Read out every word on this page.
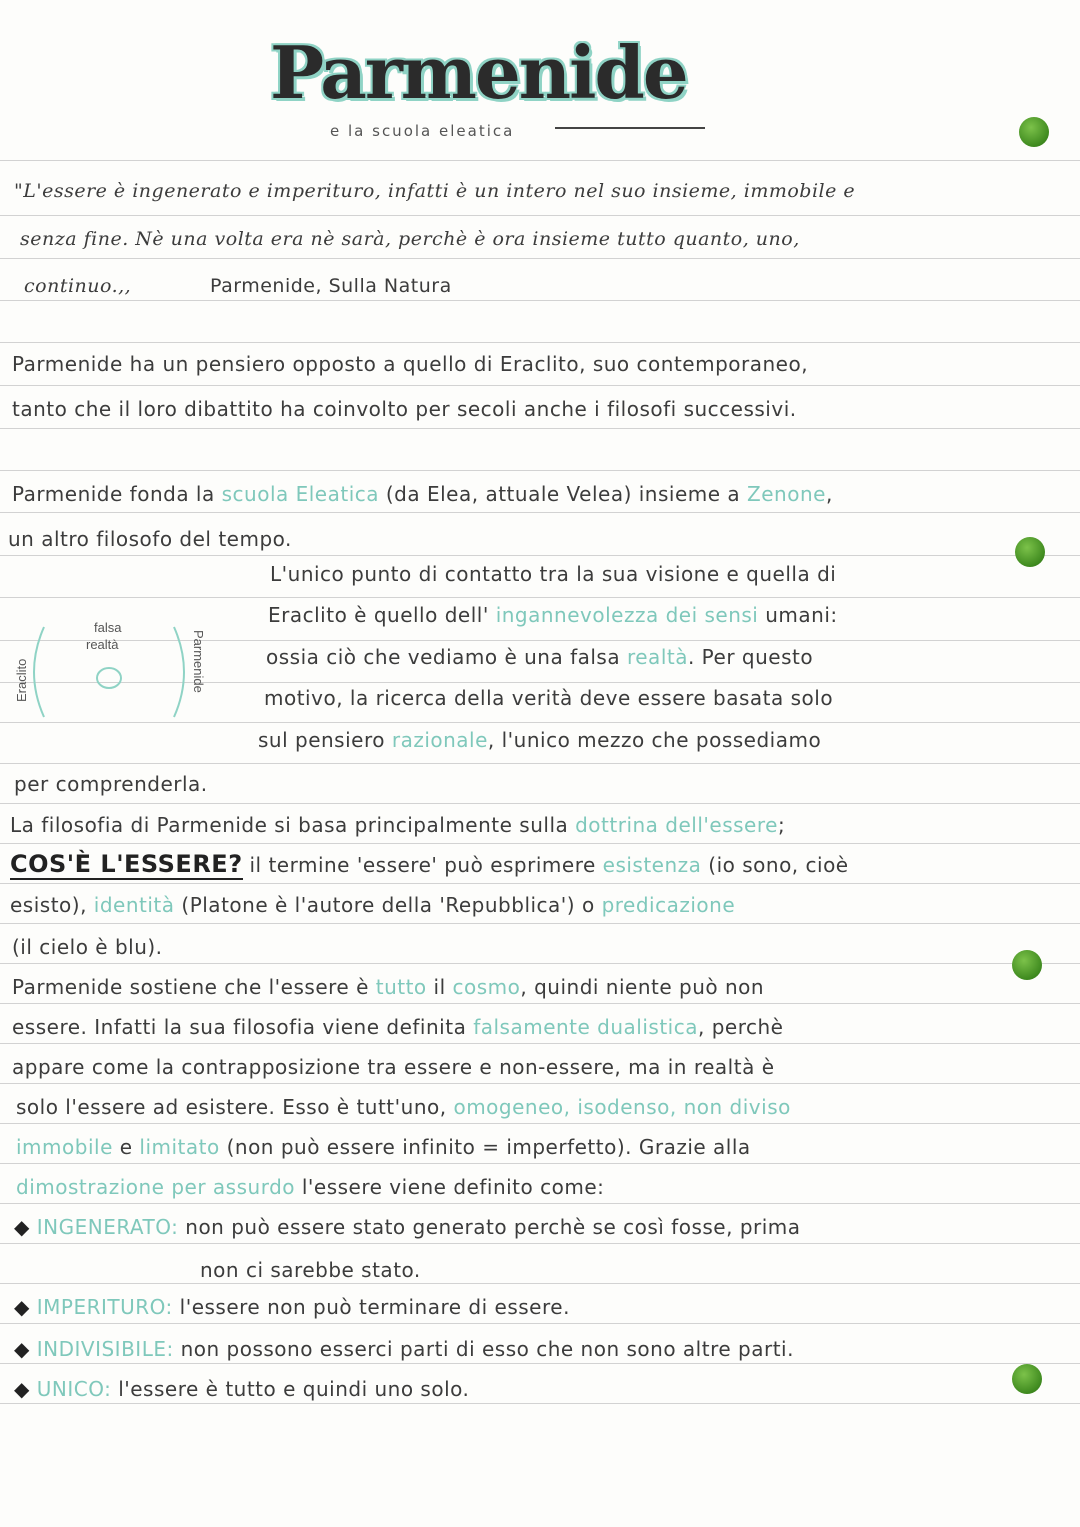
Parmenide
e la scuola eleatica
"L'essere è ingenerato e imperituro, infatti è un intero nel suo insieme, immobile e
senza fine. Nè una volta era nè sarà, perchè è ora insieme tutto quanto, uno,
continuo.,,	Parmenide, Sulla Natura
Parmenide ha un pensiero opposto a quello di Eraclito, suo contemporaneo,
tanto che il loro dibattito ha coinvolto per secoli anche i filosofi successivi.
Parmenide fonda la scuola Eleatica (da Elea, attuale Velea) insieme a Zenone,
un altro filosofo del tempo.
falsa
realtà
Eraclito	Parmenide
L'unico punto di contatto tra la sua visione e quella di
Eraclito è quello dell' ingannevolezza dei sensi umani:
ossia ciò che vediamo è una falsa realtà. Per questo
motivo, la ricerca della verità deve essere basata solo
sul pensiero razionale, l'unico mezzo che possediamo
per comprenderla.
La filosofia di Parmenide si basa principalmente sulla dottrina dell'essere;
COS'È L'ESSERE? il termine 'essere' può esprimere esistenza (io sono, cioè
esisto), identità (Platone è l'autore della 'Repubblica') o predicazione
(il cielo è blu).
Parmenide sostiene che l'essere è tutto il cosmo, quindi niente può non
essere. Infatti la sua filosofia viene definita falsamente dualistica, perchè
appare come la contrapposizione tra essere e non-essere, ma in realtà è
solo l'essere ad esistere. Esso è tutt'uno, omogeneo, isodenso, non diviso
immobile e limitato (non può essere infinito = imperfetto). Grazie alla
dimostrazione per assurdo l'essere viene definito come:
◆ INGENERATO: non può essere stato generato perchè se così fosse, prima
non ci sarebbe stato.
◆ IMPERITURO: l'essere non può terminare di essere.
◆ INDIVISIBILE: non possono esserci parti di esso che non sono altre parti.
◆ UNICO: l'essere è tutto e quindi uno solo.
